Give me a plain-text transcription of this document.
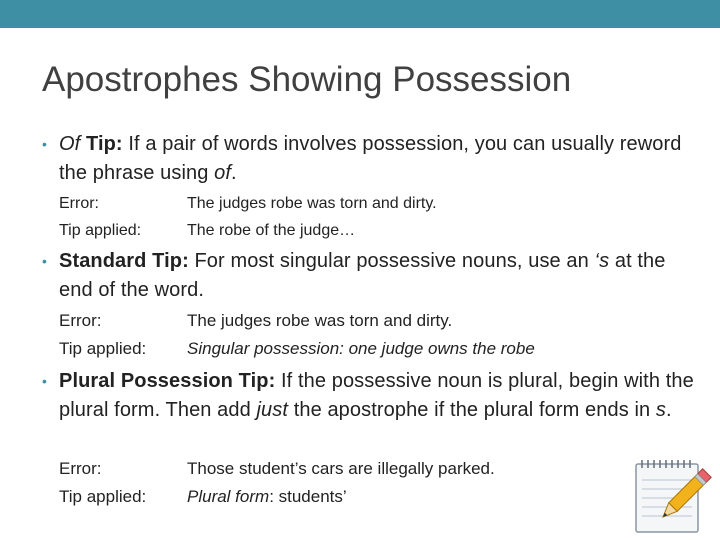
Apostrophes Showing Possession
• Of Tip: If a pair of words involves possession, you can usually reword the phrase using of.
Error:	The judges robe was torn and dirty.
Tip applied:	The robe of the judge…
• Standard Tip: For most singular possessive nouns, use an ‘s at the end of the word.
Error:	The judges robe was torn and dirty.
Tip applied: Singular possession: one judge owns the robe
• Plural Possession Tip: If the possessive noun is plural, begin with the plural form. Then add just the apostrophe if the plural form ends in s.
Error:	Those student’s cars are illegally parked.
Tip applied: Plural form: students’
